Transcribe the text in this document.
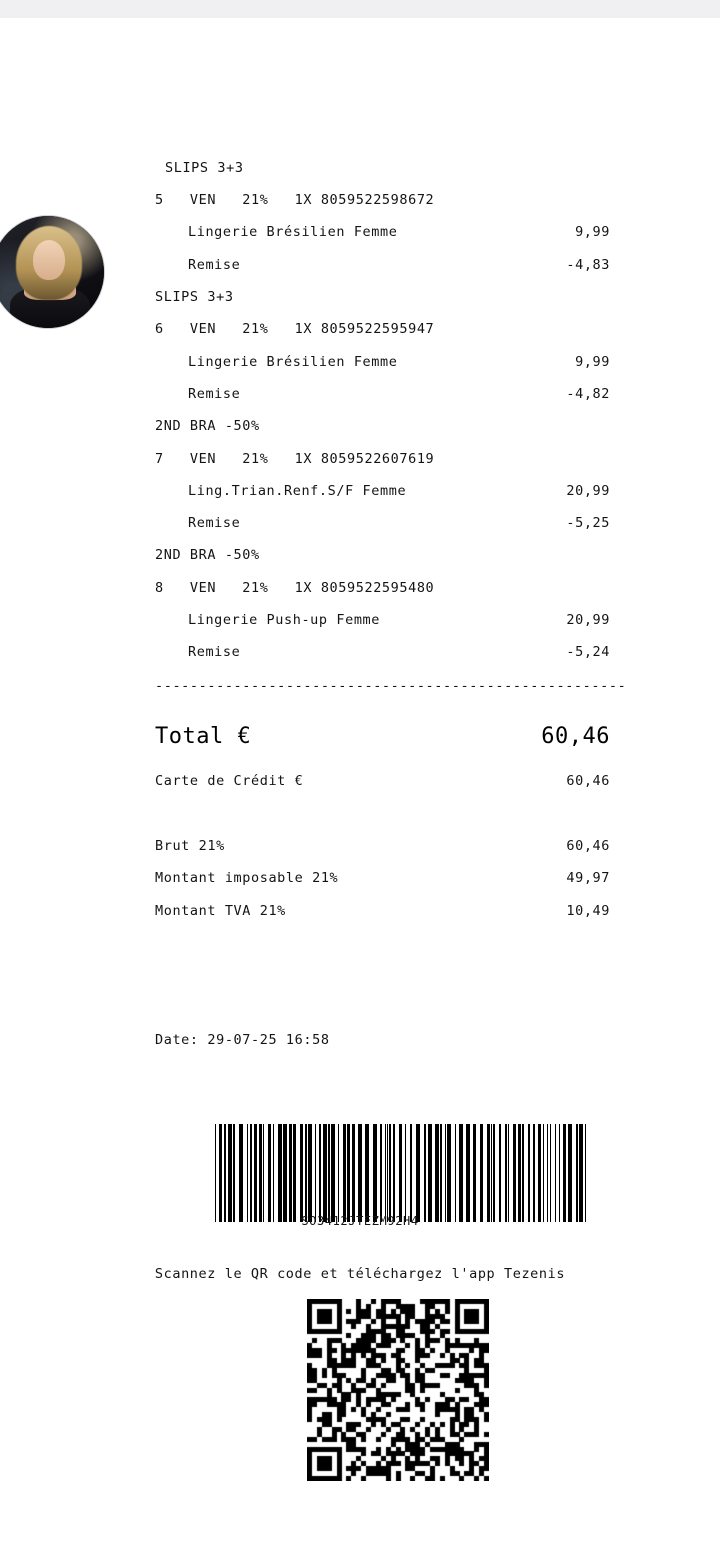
SLIPS 3+3
5   VEN   21%   1X 8059522598672
Lingerie Brésilien Femme	9,99
Remise	-4,83
SLIPS 3+3
6   VEN   21%   1X 8059522595947
Lingerie Brésilien Femme	9,99
Remise	-4,82
2ND BRA -50%
7   VEN   21%   1X 8059522607619
Ling.Trian.Renf.S/F Femme	20,99
Remise	-5,25
2ND BRA -50%
8   VEN   21%   1X 8059522595480
Lingerie Push-up Femme	20,99
Remise	-5,24
------------------------------------------------------
Total €	60,46
Carte de Crédit €	60,46
Brut 21%	60,46
Montant imposable 21%	49,97
Montant TVA 21%	10,49
Date: 29-07-25 16:58
SO3412JTEZM92H4
Scannez le QR code et téléchargez l'app Tezenis
